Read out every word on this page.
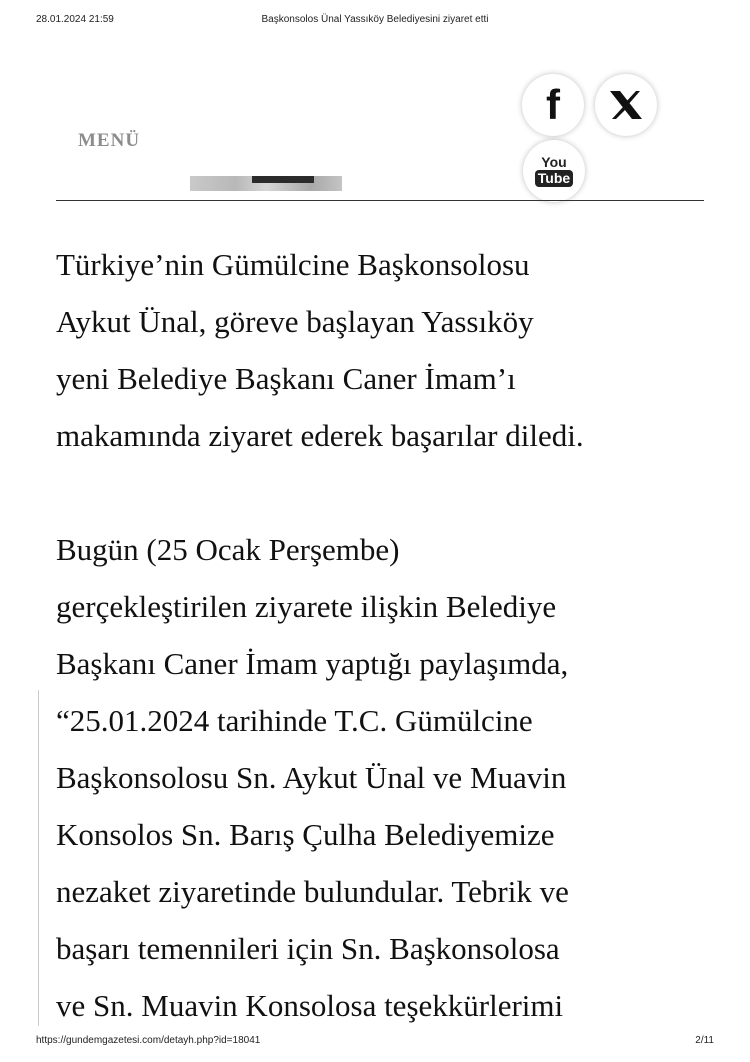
28.01.2024 21:59	Başkonsolos Ünal Yassıköy Belediyesini ziyaret etti
MENÜ
f
You
Tube

Türkiye’nin Gümülcine Başkonsolosu

Aykut Ünal, göreve başlayan Yassıköy

yeni Belediye Başkanı Caner İmam’ı

makamında ziyaret ederek başarılar diledi.

Bugün (25 Ocak Perşembe)

gerçekleştirilen ziyarete ilişkin Belediye

Başkanı Caner İmam yaptığı paylaşımda,

“25.01.2024 tarihinde T.C. Gümülcine

Başkonsolosu Sn. Aykut Ünal ve Muavin

Konsolos Sn. Barış Çulha Belediyemize

nezaket ziyaretinde bulundular. Tebrik ve

başarı temennileri için Sn. Başkonsolosa

ve Sn. Muavin Konsolosa teşekkürlerimi

https://gundemgazetesi.com/detayh.php?id=18041	2/11
